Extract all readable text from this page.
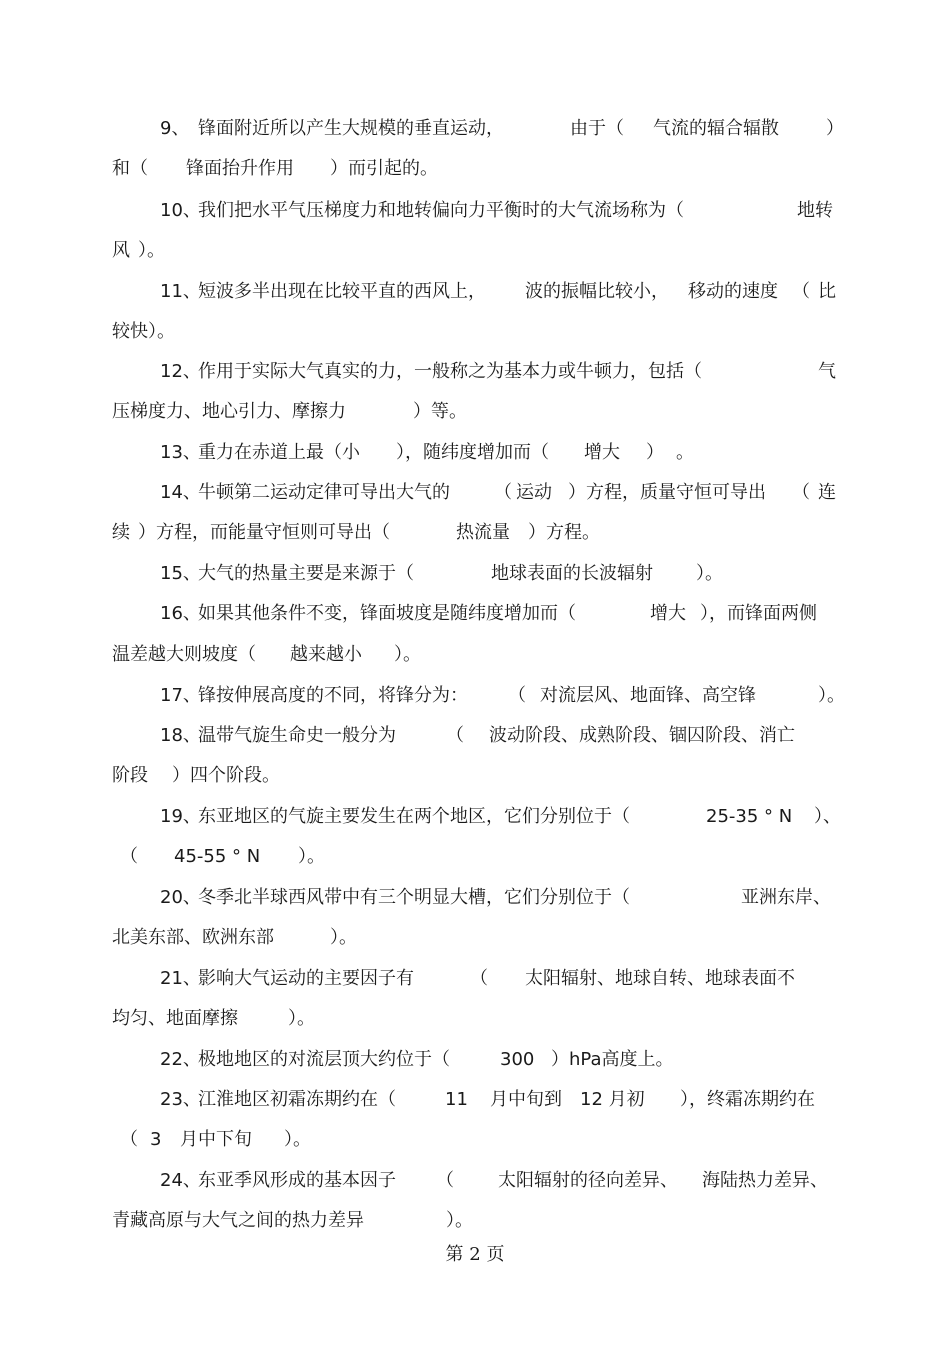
9、 锋面附近所以产生大规模的垂直运动，	由于（ 气流的辐合辐散	）
和（ 锋面抬升作用 ）而引起的。
10、
我们把水平气压梯度力和地转偏向力平衡时的大气流场称为（	地转
风 ）。
11、
短波多半出现在比较平直的西风上， 波的振幅比较小， 移动的速度 （ 比
较快）。
12、
作用于实际大气真实的力，一般称之为基本力或牛顿力，包括（	气
压梯度力、地心引力、摩擦力	）等。
13、
重力在赤道上最（小 ），随纬度增加而（ 增大 ） 。
14、
牛顿第二运动定律可导出大气的 （ 运动 ）方程，质量守恒可导出 （ 连
续 ）方程，而能量守恒则可导出（	热流量 ）方程。
15、
大气的热量主要是来源于（	地球表面的长波辐射 ）。
16、
如果其他条件不变，锋面坡度是随纬度增加而（	增大 ），而锋面两侧
温差越大则坡度（ 越来越小 ）。
17、
锋按伸展高度的不同，将锋分为： （ 对流层风、地面锋、高空锋	）。
18、
温带气旋生命史一般分为	（ 波动阶段、成熟阶段、锢囚阶段、消亡
阶段 ）四个阶段。
19、
东亚地区的气旋主要发生在两个地区，它们分别位于（	25-35 ° N ）、
（ 45-55 ° N ）。
20、
冬季北半球西风带中有三个明显大槽，它们分别位于（	亚洲东岸、
北美东部、欧洲东部	）。
21、
影响大气运动的主要因子有	（ 太阳辐射、地球自转、地球表面不
均匀、地面摩擦	）。
22、
极地地区的对流层顶大约位于（	300 ）hPa高度上。
23、
江淮地区初霜冻期约在（	11 月中旬到 12 月初 ），终霜冻期约在
（ 3 月中下旬 ）。
24、
东亚季风形成的基本因子 （ 太阳辐射的径向差异、 海陆热力差异、
青藏高原与大气之间的热力差异	）。
第 2 页
